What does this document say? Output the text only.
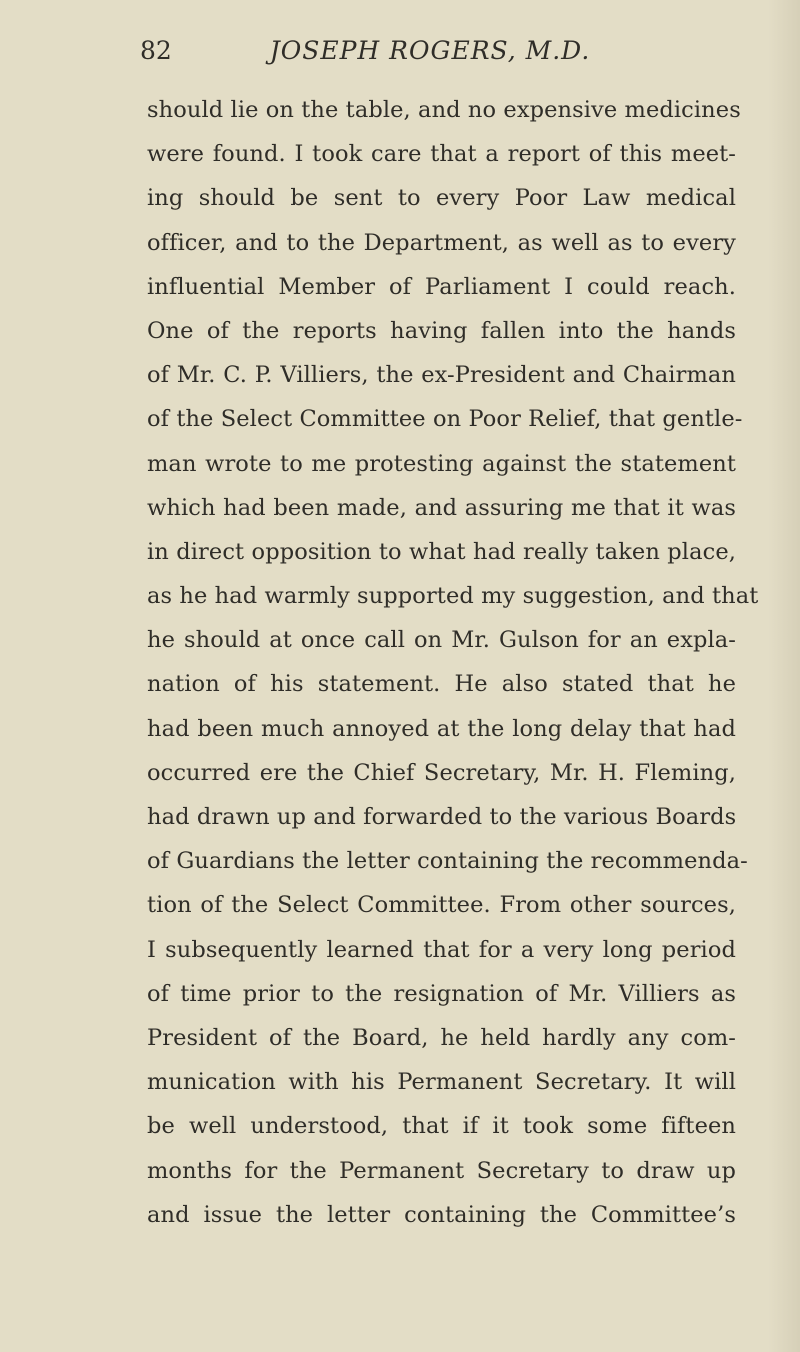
82	JOSEPH ROGERS, M.D.
should lie on the table, and no expensive medicines
were found. I took care that a report of this meet-
ing should be sent to every Poor Law medical
officer, and to the Department, as well as to every
influential Member of Parliament I could reach.
One of the reports having fallen into the hands
of Mr. C. P. Villiers, the ex-President and Chairman
of the Select Committee on Poor Relief, that gentle-
man wrote to me protesting against the statement
which had been made, and assuring me that it was
in direct opposition to what had really taken place,
as he had warmly supported my suggestion, and that
he should at once call on Mr. Gulson for an expla-
nation of his statement. He also stated that he
had been much annoyed at the long delay that had
occurred ere the Chief Secretary, Mr. H. Fleming,
had drawn up and forwarded to the various Boards
of Guardians the letter containing the recommenda-
tion of the Select Committee. From other sources,
I subsequently learned that for a very long period
of time prior to the resignation of Mr. Villiers as
President of the Board, he held hardly any com-
munication with his Permanent Secretary. It will
be well understood, that if it took some fifteen
months for the Permanent Secretary to draw up
and issue the letter containing the Committee’s
